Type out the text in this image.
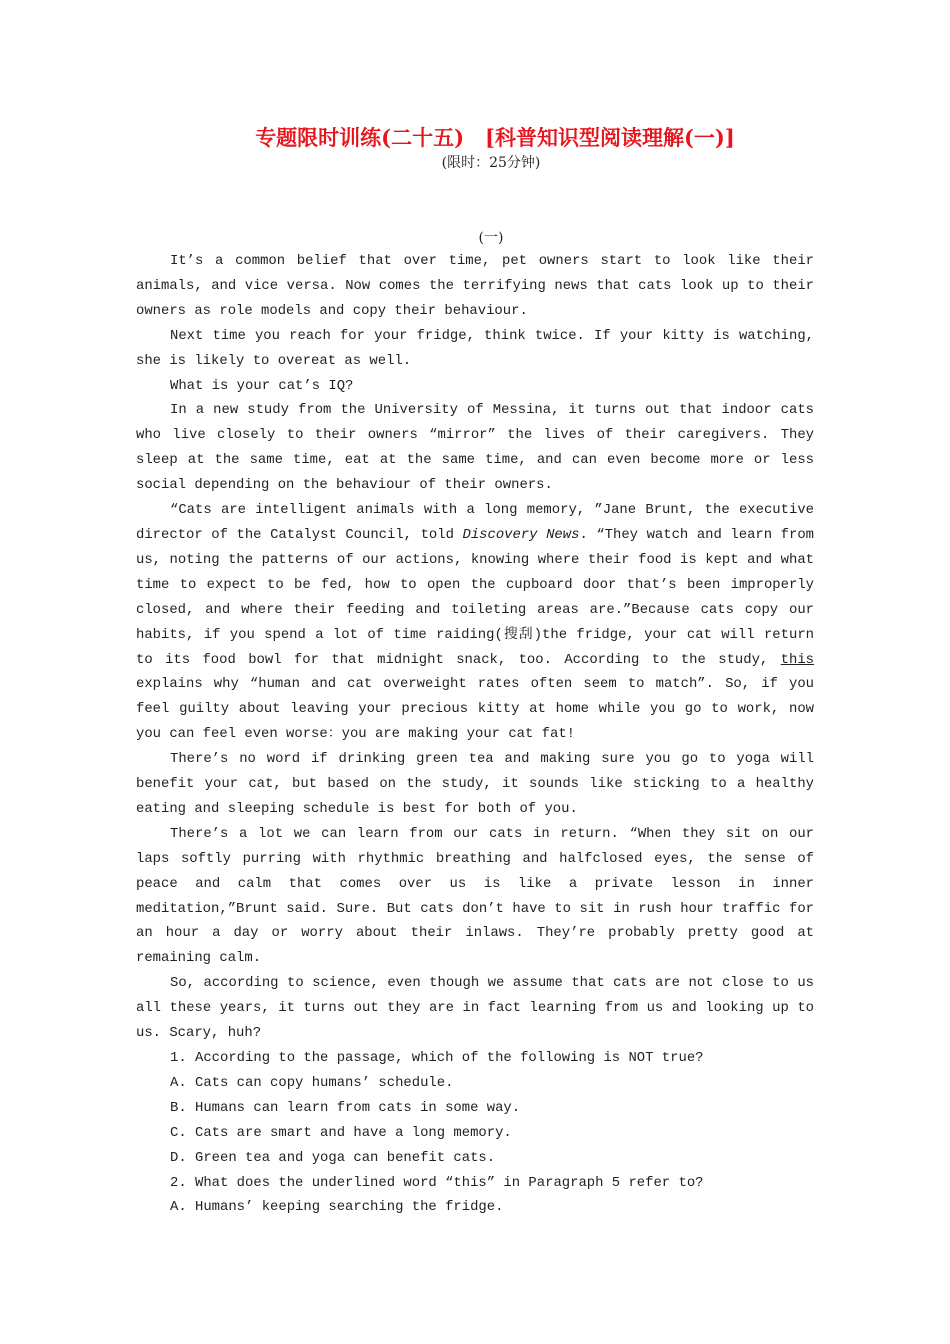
专题限时训练(二十五)　[科普知识型阅读理解(一)]
(限时：25分钟)
(一)

It’s a common belief that over time, pet owners start to look like their animals, and vice versa. Now comes the terrifying news that cats look up to their owners as role models and copy their behaviour.

Next time you reach for your fridge, think twice. If your kitty is watching, she is likely to overeat as well.

What is your cat’s IQ?

In a new study from the University of Messina, it turns out that indoor cats who live closely to their owners “mirror” the lives of their caregivers. They sleep at the same time, eat at the same time, and can even become more or less social depending on the behaviour of their owners.

“Cats are intelligent animals with a long memory, ”Jane Brunt, the executive director of the Catalyst Council, told Discovery News. “They watch and learn from us, noting the patterns of our actions, knowing where their food is kept and what time to expect to be fed, how to open the cupboard door that’s been improperly closed, and where their feeding and toileting areas are.”Because cats copy our habits, if you spend a lot of time raiding(搜刮)the fridge, your cat will return to its food bowl for that midnight snack, too. According to the study, this explains why “human and cat overweight rates often seem to match”. So, if you feel guilty about leaving your precious kitty at home while you go to work, now you can feel even worse：you are making your cat fat!

There’s no word if drinking green tea and making sure you go to yoga will benefit your cat, but based on the study, it sounds like sticking to a healthy eating and sleeping schedule is best for both of you.

There’s a lot we can learn from our cats in return. “When they sit on our laps softly purring with rhythmic breathing and halfclosed eyes, the sense of peace and calm that comes over us is like a private lesson in inner meditation,”Brunt said. Sure. But cats don’t have to sit in rush hour traffic for an hour a day or worry about their inlaws. They’re probably pretty good at remaining calm.

So, according to science, even though we assume that cats are not close to us all these years, it turns out they are in fact learning from us and looking up to us. Scary, huh?

1. According to the passage, which of the following is NOT true?

A. Cats can copy humans’ schedule.

B. Humans can learn from cats in some way.

C. Cats are smart and have a long memory.

D. Green tea and yoga can benefit cats.

2. What does the underlined word “this” in Paragraph 5 refer to?

A. Humans’ keeping searching the fridge.
